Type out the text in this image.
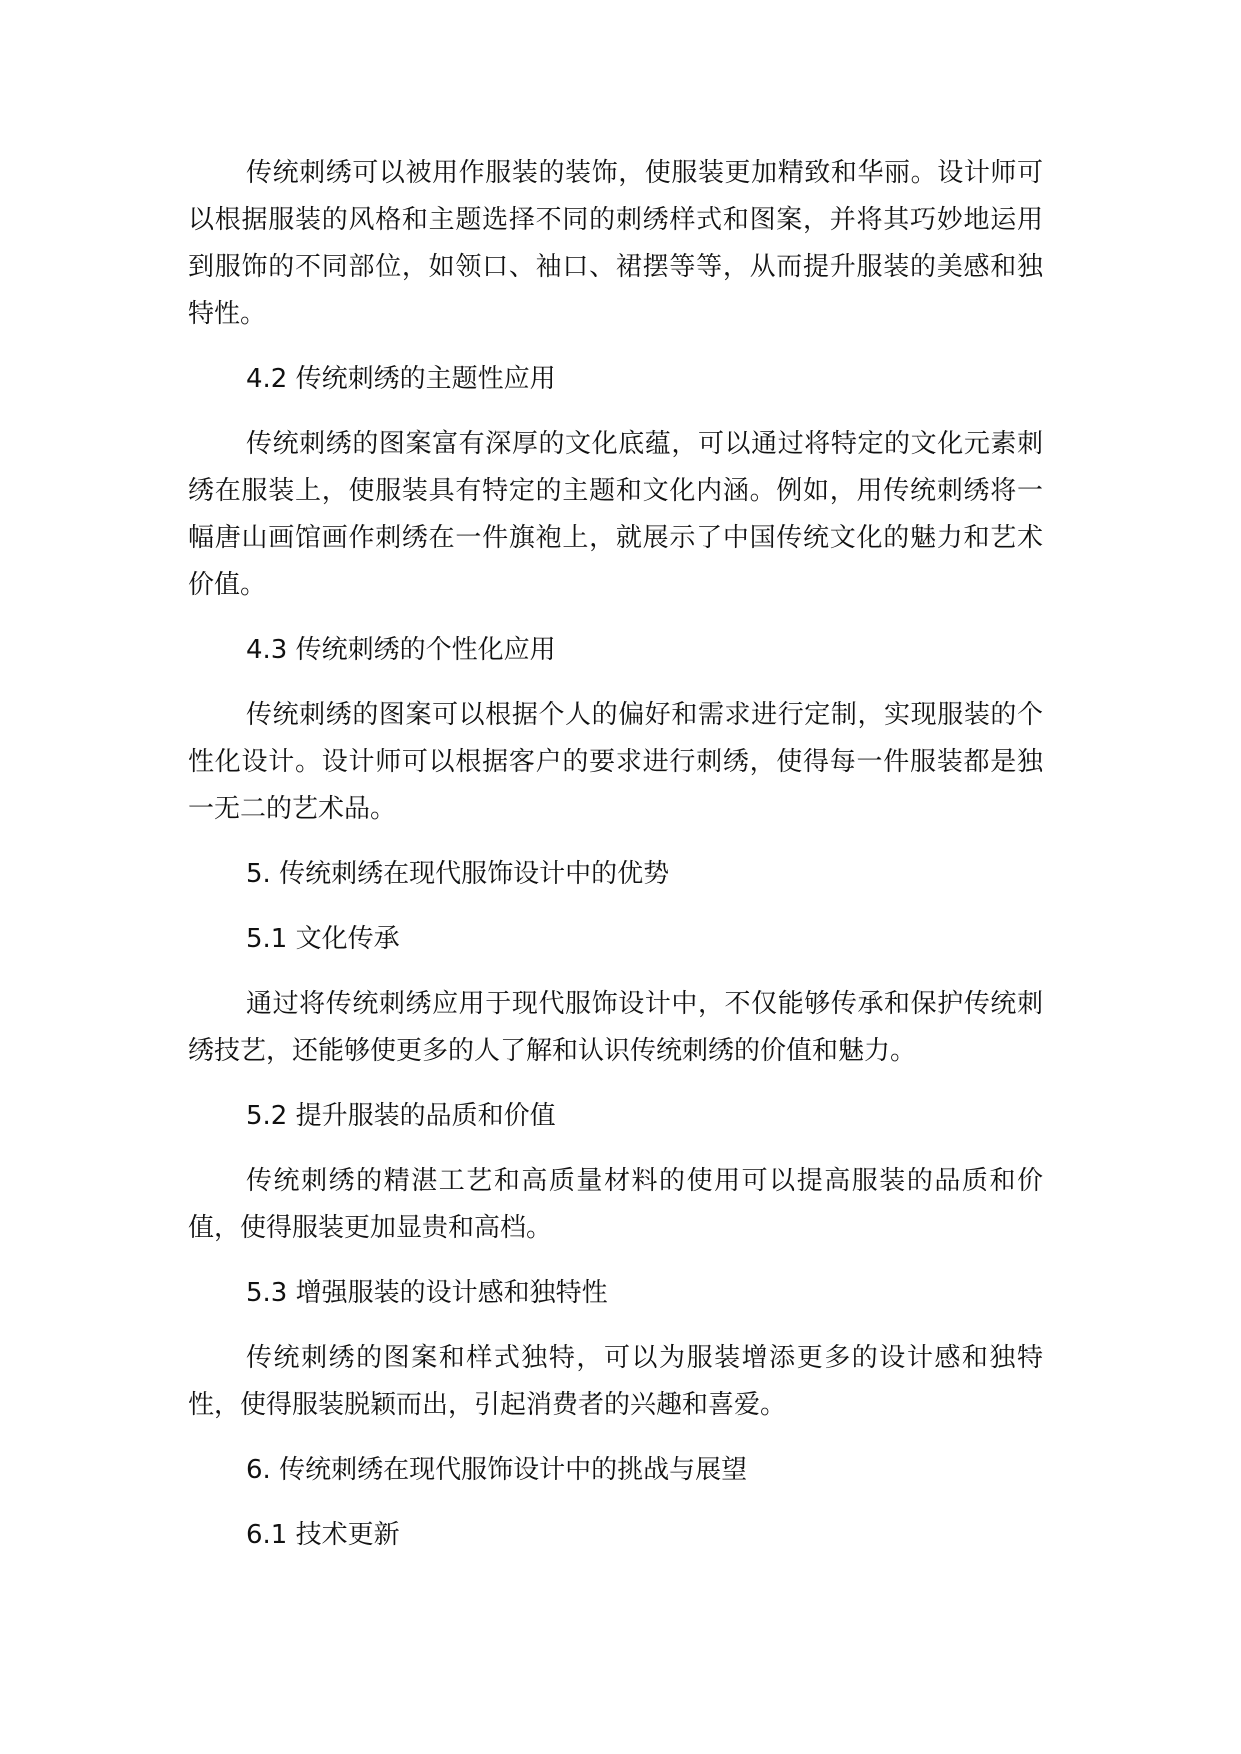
传统刺绣可以被用作服装的装饰，使服装更加精致和华丽。设计师可以根据服装的风格和主题选择不同的刺绣样式和图案，并将其巧妙地运用到服饰的不同部位，如领口、袖口、裙摆等等，从而提升服装的美感和独特性。

4.2 传统刺绣的主题性应用

传统刺绣的图案富有深厚的文化底蕴，可以通过将特定的文化元素刺绣在服装上，使服装具有特定的主题和文化内涵。例如，用传统刺绣将一幅唐山画馆画作刺绣在一件旗袍上，就展示了中国传统文化的魅力和艺术价值。

4.3 传统刺绣的个性化应用

传统刺绣的图案可以根据个人的偏好和需求进行定制，实现服装的个性化设计。设计师可以根据客户的要求进行刺绣，使得每一件服装都是独一无二的艺术品。

5. 传统刺绣在现代服饰设计中的优势

5.1 文化传承

通过将传统刺绣应用于现代服饰设计中，不仅能够传承和保护传统刺绣技艺，还能够使更多的人了解和认识传统刺绣的价值和魅力。

5.2 提升服装的品质和价值

传统刺绣的精湛工艺和高质量材料的使用可以提高服装的品质和价值，使得服装更加显贵和高档。

5.3 增强服装的设计感和独特性

传统刺绣的图案和样式独特，可以为服装增添更多的设计感和独特性，使得服装脱颖而出，引起消费者的兴趣和喜爱。

6. 传统刺绣在现代服饰设计中的挑战与展望

6.1 技术更新
